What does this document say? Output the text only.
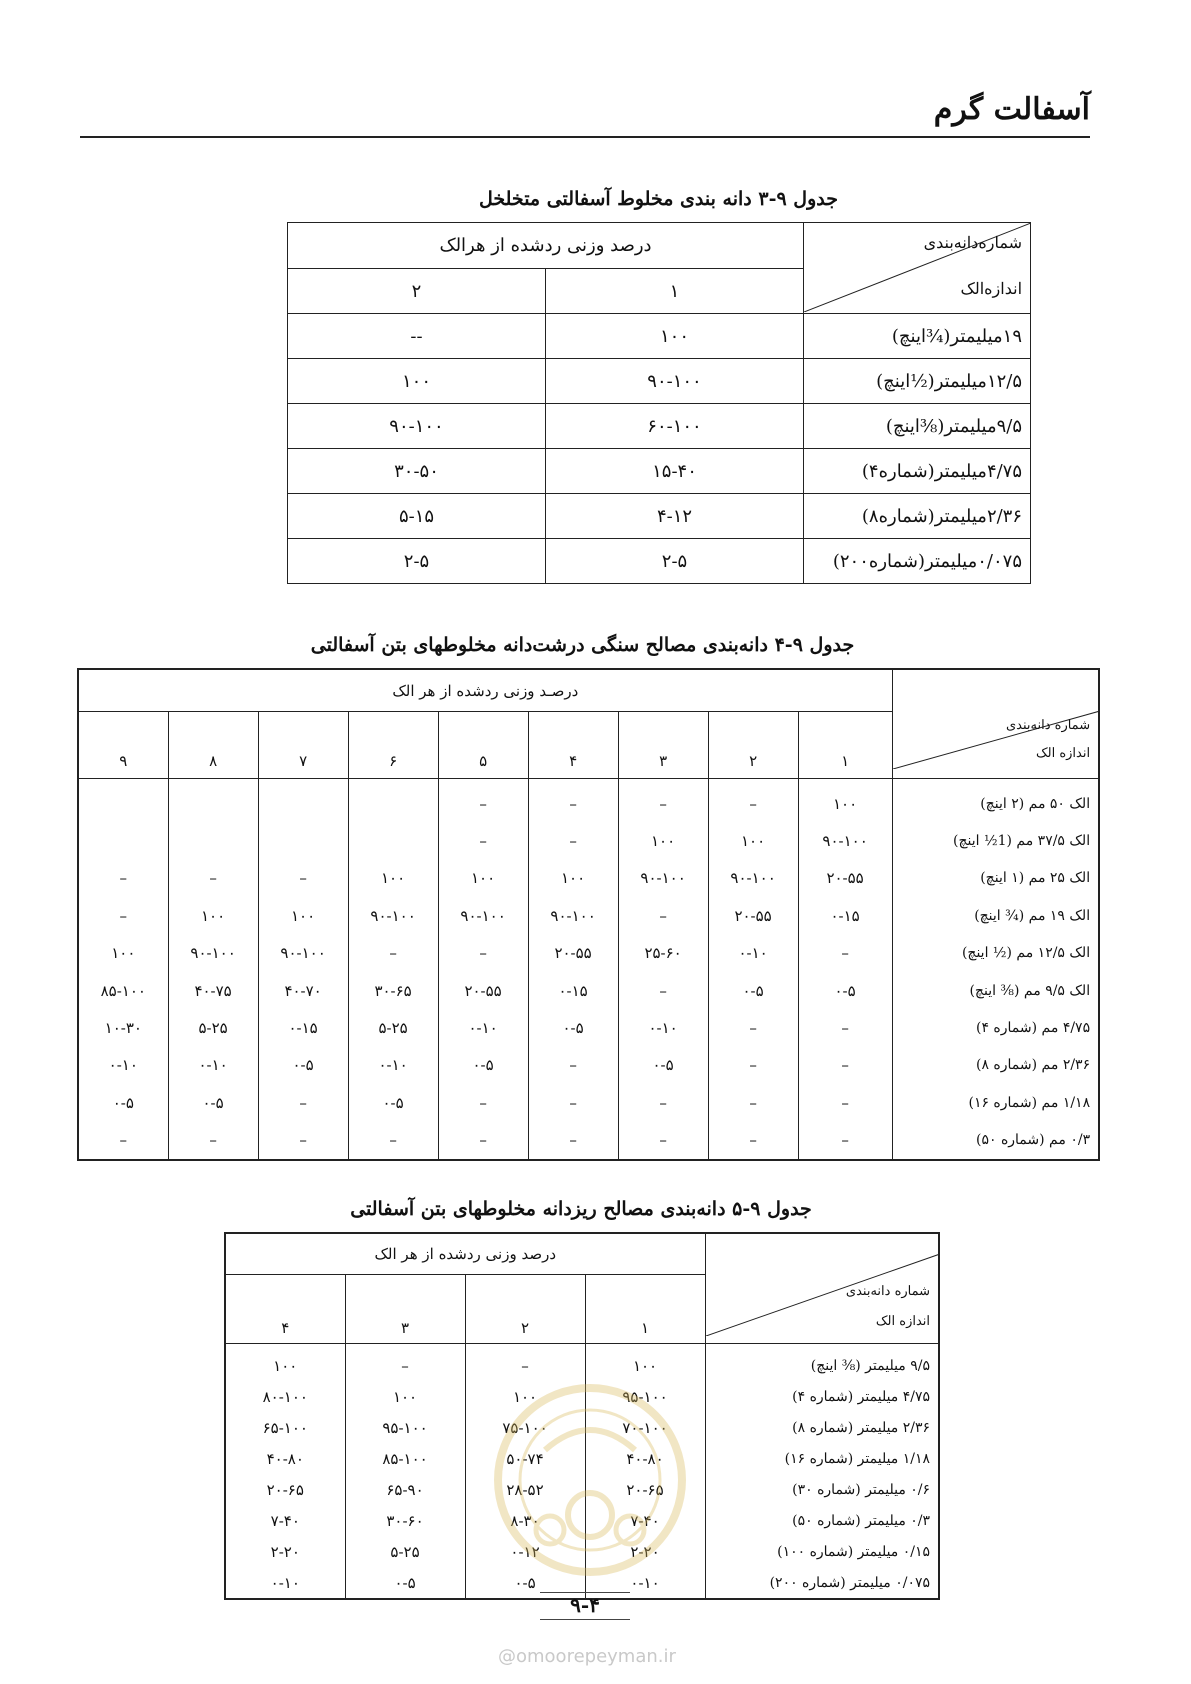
آسفالت گرم
جدول ۹-۳ دانه بندی مخلوط آسفالتی متخلخل
شماره‌دانه‌بندی
اندازه‌الک	درصد وزنی ردشده از هرالک	
	۱	۲
۱۹میلیمتر(¾اینچ)	۱۰۰	--
۱۲/۵میلیمتر(½اینچ)	۹۰-۱۰۰	۱۰۰
۹/۵میلیمتر(⅜اینچ)	۶۰-۱۰۰	۹۰-۱۰۰
۴/۷۵میلیمتر(شماره۴)	۱۵-۴۰	۳۰-۵۰
۲/۳۶میلیمتر(شماره۸)	۴-۱۲	۵-۱۵
۰/۰۷۵میلیمتر(شماره۲۰۰)	۲-۵	۲-۵
جدول ۹-۴ دانه‌بندی مصالح سنگی درشت‌دانه مخلوطهای بتن آسفالتی
شماره دانه‌بندی
اندازه الک	درصـد وزنی ردشده از هر الک								
	۱	۲	۳	۴	۵	۶	۷	۸	۹
الک ۵۰ مم (۲ اینچ)	۱۰۰	–	–	–	–				
الک ۳۷/۵ مم (1½ اینچ)	۹۰-۱۰۰	۱۰۰	۱۰۰	–	–				
الک ۲۵ مم (۱ اینچ)	۲۰-۵۵	۹۰-۱۰۰	۹۰-۱۰۰	۱۰۰	۱۰۰	۱۰۰	–	–	–
الک ۱۹ مم (¾ اینچ)	۰-۱۵	۲۰-۵۵	–	۹۰-۱۰۰	۹۰-۱۰۰	۹۰-۱۰۰	۱۰۰	۱۰۰	–
الک ۱۲/۵ مم (½ اینچ)	–	۰-۱۰	۲۵-۶۰	۲۰-۵۵	–	–	۹۰-۱۰۰	۹۰-۱۰۰	۱۰۰
الک ۹/۵ مم (⅜ اینچ)	۰-۵	۰-۵	–	۰-۱۵	۲۰-۵۵	۳۰-۶۵	۴۰-۷۰	۴۰-۷۵	۸۵-۱۰۰
۴/۷۵ مم (شماره ۴)	–	–	۰-۱۰	۰-۵	۰-۱۰	۵-۲۵	۰-۱۵	۵-۲۵	۱۰-۳۰
۲/۳۶ مم (شماره ۸)	–	–	۰-۵	–	۰-۵	۰-۱۰	۰-۵	۰-۱۰	۰-۱۰
۱/۱۸ مم (شماره ۱۶)	–	–	–	–	–	۰-۵	–	۰-۵	۰-۵
۰/۳ مم (شماره ۵۰)	–	–	–	–	–	–	–	–	–
جدول ۹-۵ دانه‌بندی مصالح ریزدانه مخلوطهای بتن آسفالتی
شماره دانه‌بندی
اندازه الک	درصد وزنی ردشده از هر الک			
	۱	۲	۳	۴
۹/۵ میلیمتر (⅜ اینچ)	۱۰۰	–	–	۱۰۰
۴/۷۵ میلیمتر (شماره ۴)	۹۵-۱۰۰	۱۰۰	۱۰۰	۸۰-۱۰۰
۲/۳۶ میلیمتر (شماره ۸)	۷۰-۱۰۰	۷۵-۱۰۰	۹۵-۱۰۰	۶۵-۱۰۰
۱/۱۸ میلیمتر (شماره ۱۶)	۴۰-۸۰	۵۰-۷۴	۸۵-۱۰۰	۴۰-۸۰
۰/۶ میلیمتر (شماره ۳۰)	۲۰-۶۵	۲۸-۵۲	۶۵-۹۰	۲۰-۶۵
۰/۳ میلیمتر (شماره ۵۰)	۷-۴۰	۸-۳۰	۳۰-۶۰	۷-۴۰
۰/۱۵ میلیمتر (شماره ۱۰۰)	۲-۲۰	۰-۱۲	۵-۲۵	۲-۲۰
۰/۰۷۵ میلیمتر (شماره ۲۰۰)	۰-۱۰	۰-۵	۰-۵	۰-۱۰
۹-۴
@omoorepeyman.ir
